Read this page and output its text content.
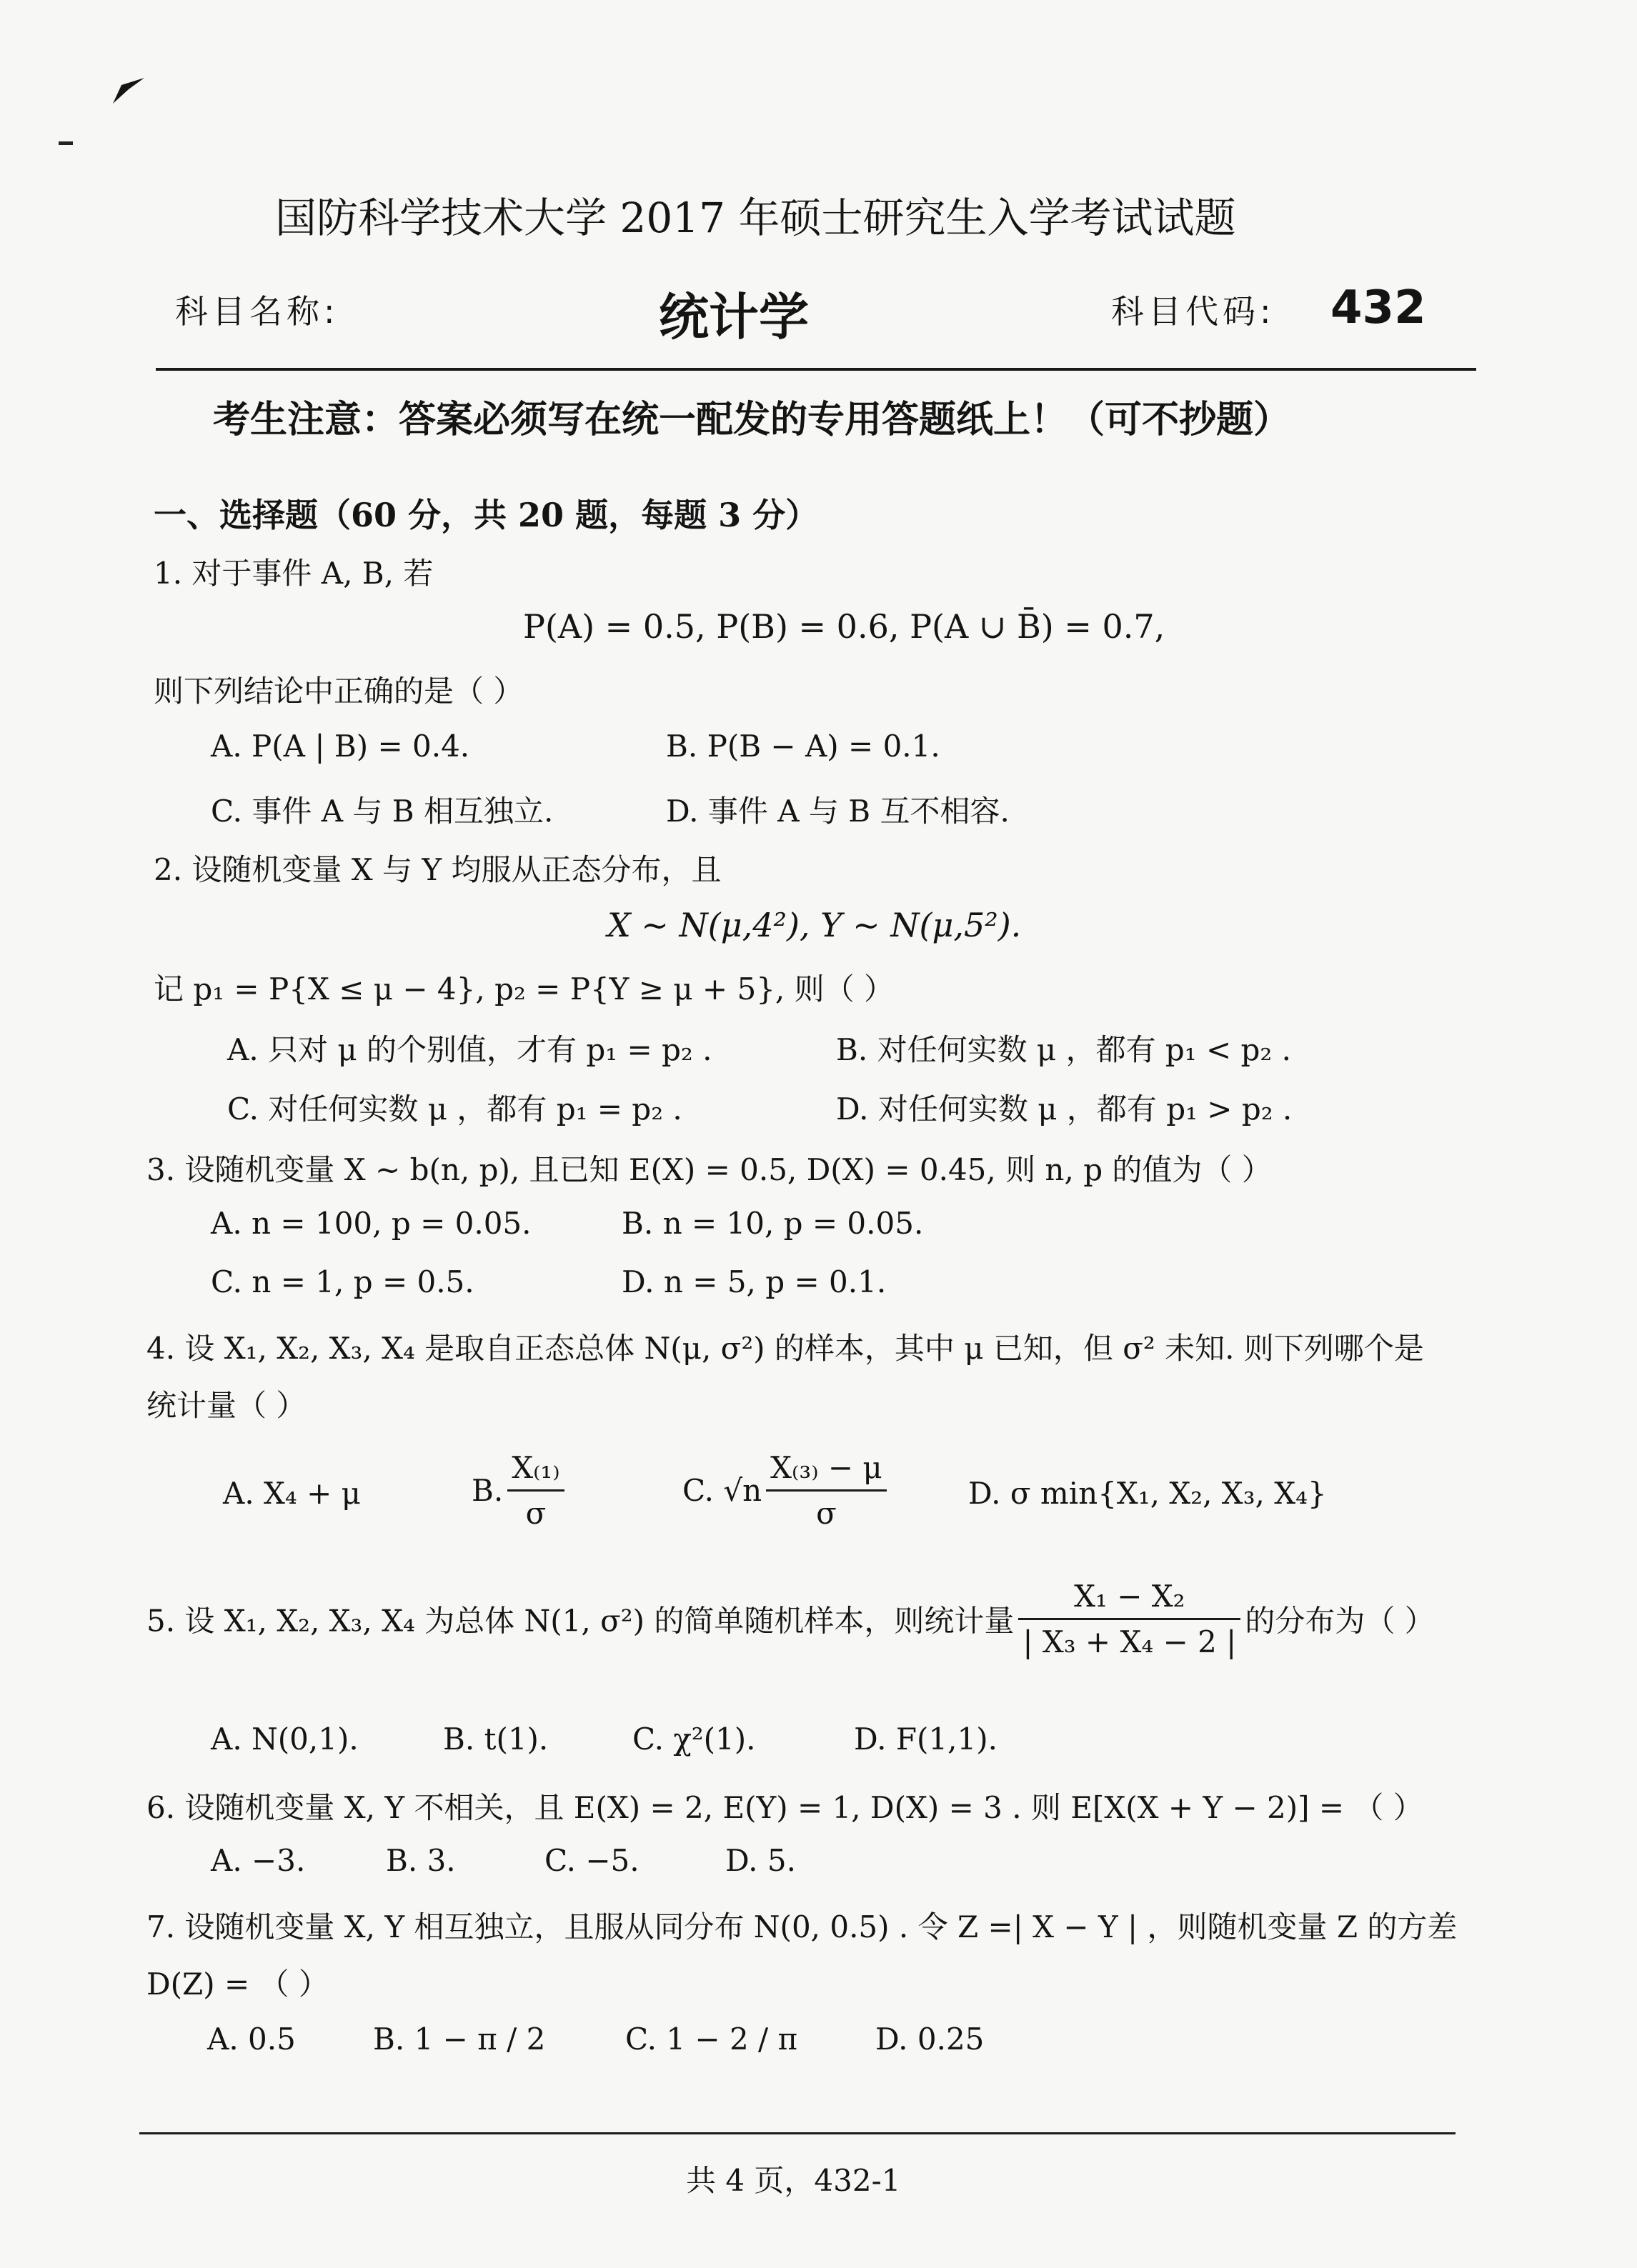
国防科学技术大学 2017 年硕士研究生入学考试试题
科目名称:	统计学	科目代码: 432
考生注意：答案必须写在统一配发的专用答题纸上！（可不抄题）
一、选择题（60 分，共 20 题，每题 3 分）
1. 对于事件 A, B, 若
P(A) = 0.5, P(B) = 0.6, P(A ∪ B̄) = 0.7,
则下列结论中正确的是（ ）
A. P(A | B) = 0.4.	B. P(B − A) = 0.1.
C. 事件 A 与 B 相互独立.	D. 事件 A 与 B 互不相容.
2. 设随机变量 X 与 Y 均服从正态分布，且
X ~ N(μ,4²), Y ~ N(μ,5²).
记 p₁ = P{X ≤ μ − 4}, p₂ = P{Y ≥ μ + 5}, 则（ ）
A. 只对 μ 的个别值，才有 p₁ = p₂ .	B. 对任何实数 μ ，都有 p₁ < p₂ .
C. 对任何实数 μ ，都有 p₁ = p₂ .	D. 对任何实数 μ ，都有 p₁ > p₂ .
3. 设随机变量 X ~ b(n, p), 且已知 E(X) = 0.5, D(X) = 0.45, 则 n, p 的值为（ ）
A. n = 100, p = 0.05.	B. n = 10, p = 0.05.
C. n = 1, p = 0.5.	D. n = 5, p = 0.1.
4. 设 X₁, X₂, X₃, X₄ 是取自正态总体 N(μ, σ²) 的样本，其中 μ 已知，但 σ² 未知. 则下列哪个是
统计量（ ）
A. X₄ + μ	B. $\frac{\text{X₍₁₎}}{\sigma}$	C. $√n \frac{\text{X₍₃₎ − μ}}{\sigma}$	D. σ min{X₁, X₂, X₃, X₄}
5. 设 X₁, X₂, X₃, X₄ 为总体 N(1, σ²) 的简单随机样本，则统计量 $\frac{\text{X₁ − X₂}}{\text{| X₃ + X₄ − 2 |}}$ 的分布为（ ）
A. N(0,1).	B. t(1).	C. χ²(1).	D. F(1,1).
6. 设随机变量 X, Y 不相关，且 E(X) = 2, E(Y) = 1, D(X) = 3 . 则 E[X(X + Y − 2)] = （ ）
A. −3.	B. 3.	C. −5.	D. 5.
7. 设随机变量 X, Y 相互独立，且服从同分布 N(0, 0.5) . 令 Z =| X − Y | ，则随机变量 Z 的方差
D(Z) = （ ）
A. 0.5	B. 1 − π / 2	C. 1 − 2 / π	D. 0.25
共 4 页，432-1
